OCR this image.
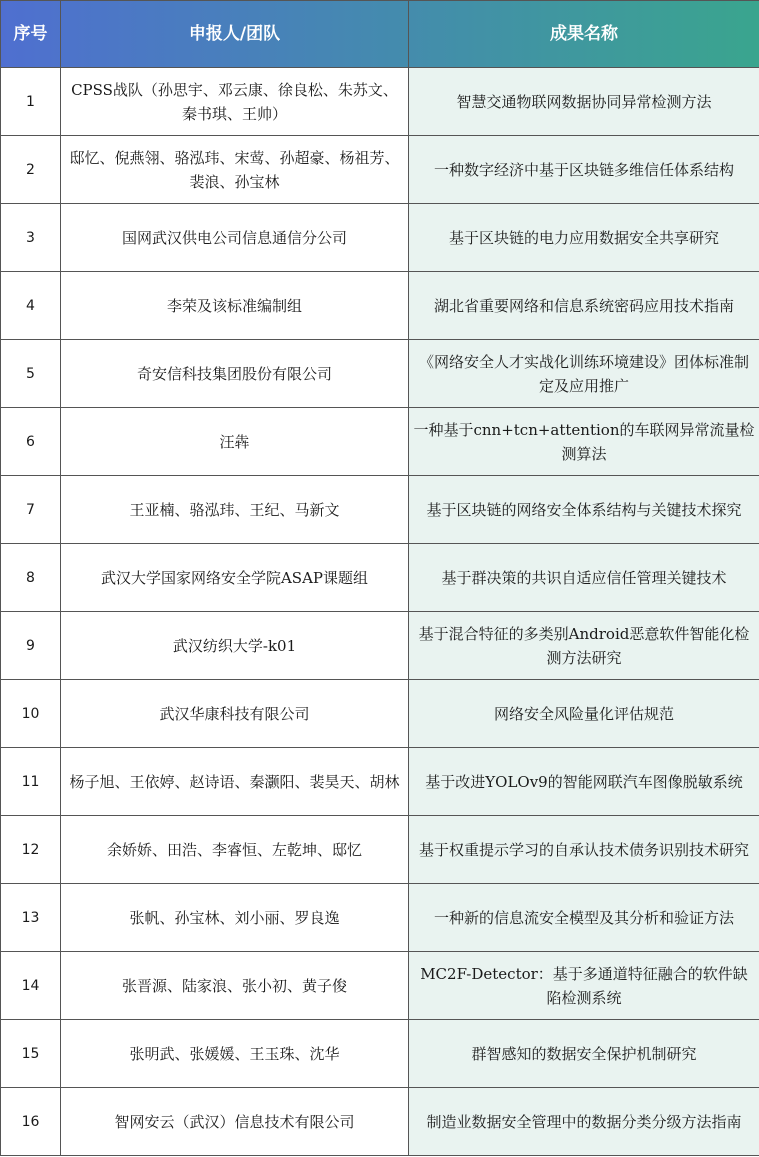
序号	申报人/团队	成果名称
1	CPSS战队（孙思宇、邓云康、徐良松、朱苏文、秦书琪、王帅）	智慧交通物联网数据协同异常检测方法
2	邸忆、倪燕翎、骆泓玮、宋莺、孙超豪、杨祖芳、裴浪、孙宝林	一种数字经济中基于区块链多维信任体系结构
3	国网武汉供电公司信息通信分公司	基于区块链的电力应用数据安全共享研究
4	李荣及该标准编制组	湖北省重要网络和信息系统密码应用技术指南
5	奇安信科技集团股份有限公司	《网络安全人才实战化训练环境建设》团体标准制定及应用推广
6	汪犇	一种基于cnn+tcn+attention的车联网异常流量检测算法
7	王亚楠、骆泓玮、王纪、马新文	基于区块链的网络安全体系结构与关键技术探究
8	武汉大学国家网络安全学院ASAP课题组	基于群决策的共识自适应信任管理关键技术
9	武汉纺织大学-k01	基于混合特征的多类别Android恶意软件智能化检测方法研究
10	武汉华康科技有限公司	网络安全风险量化评估规范
11	杨子旭、王依婷、赵诗语、秦灏阳、裴昊天、胡林	基于改进YOLOv9的智能网联汽车图像脱敏系统
12	余娇娇、田浩、李睿恒、左乾坤、邸忆	基于权重提示学习的自承认技术债务识别技术研究
13	张帆、孙宝林、刘小丽、罗良逸	一种新的信息流安全模型及其分析和验证方法
14	张晋源、陆家浪、张小初、黄子俊	MC2F-Detector：基于多通道特征融合的软件缺陷检测系统
15	张明武、张媛媛、王玉珠、沈华	群智感知的数据安全保护机制研究
16	智网安云（武汉）信息技术有限公司	制造业数据安全管理中的数据分类分级方法指南
